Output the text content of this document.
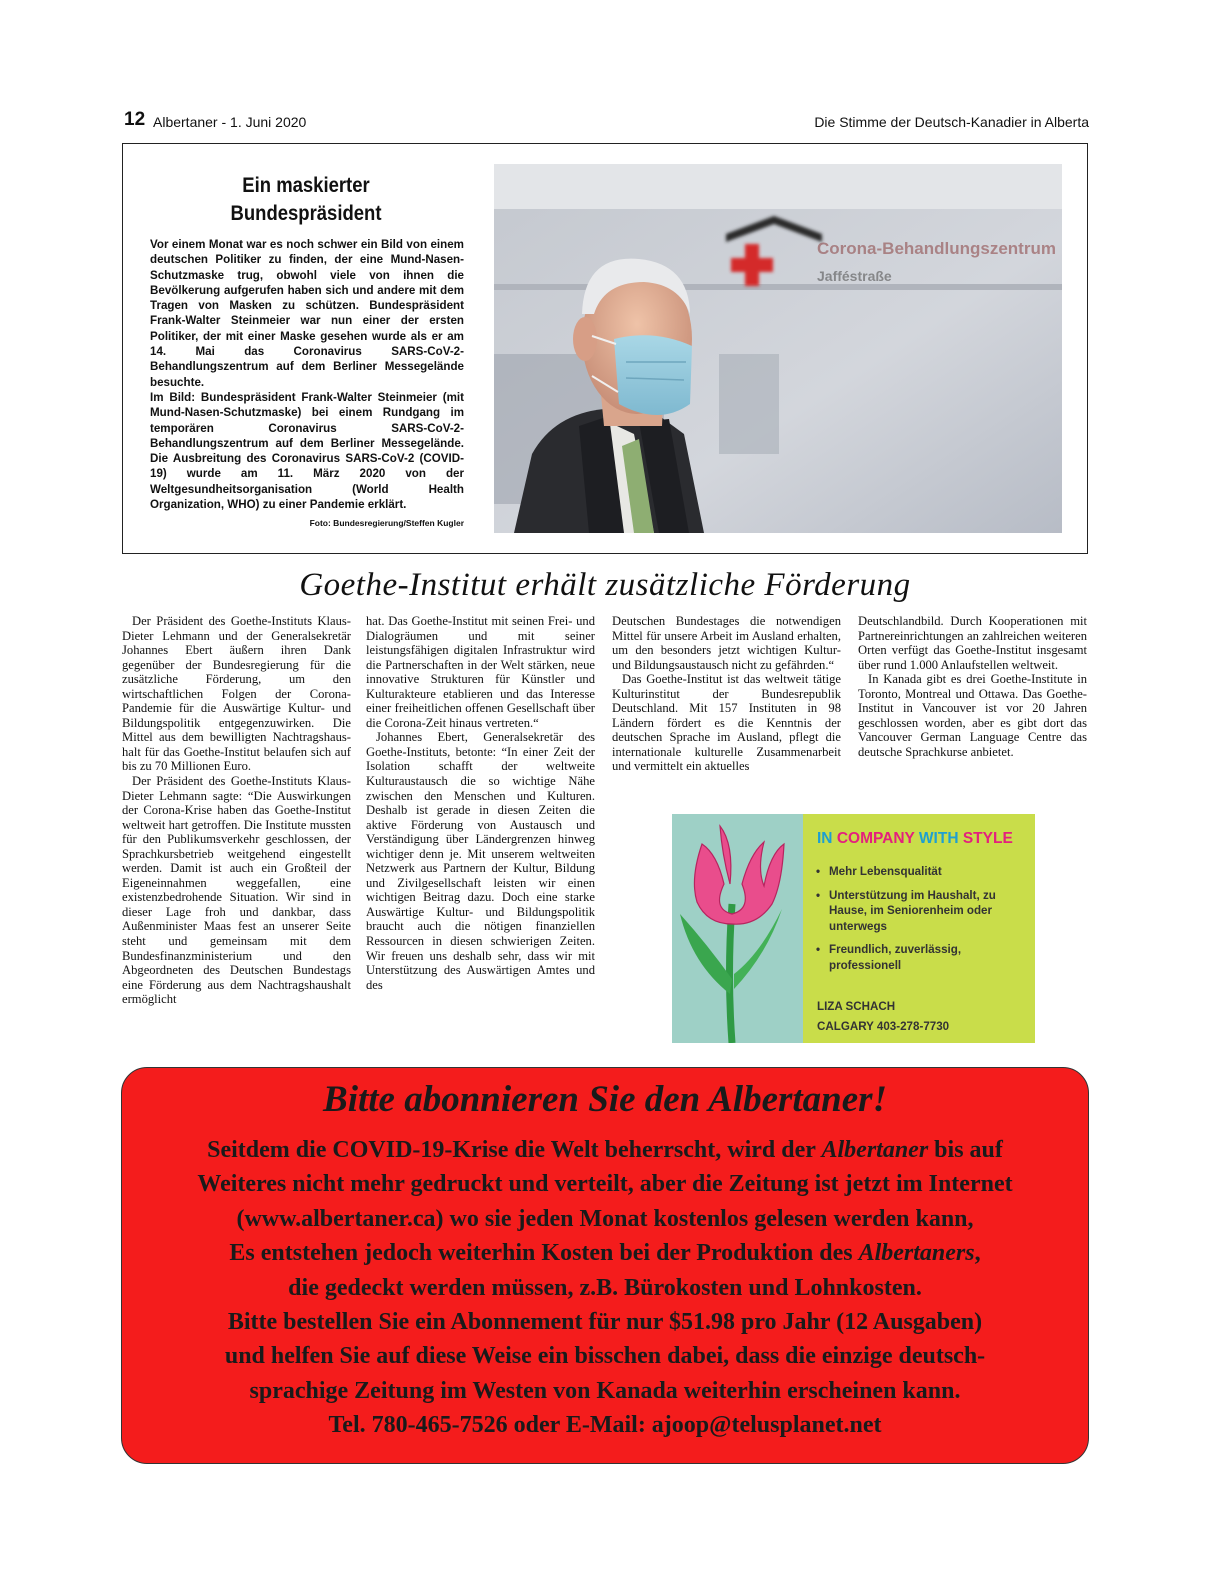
12 Albertaner - 1. Juni 2020	Die Stimme der Deutsch-Kanadier in Alberta
Ein maskierter
Bundespräsident

Vor einem Monat war es noch schwer ein Bild von einem deutschen Politiker zu finden, der eine Mund-Nasen-Schutzmaske trug, obwohl viele von ihnen die Bevölkerung aufgerufen haben sich und andere mit dem Tragen von Masken zu schützen. Bundespräsident Frank-Walter Steinmeier war nun einer der ersten Politiker, der mit einer Maske gesehen wurde als er am 14. Mai das Coronavirus SARS-CoV-2-Behandlungszentrum auf dem Berliner Messegelände besuchte.

Im Bild: Bundespräsident Frank-Walter Steinmeier (mit Mund-Nasen-Schutzmaske) bei einem Rundgang im temporären Coronavirus SARS-CoV-2-Behandlungszentrum auf dem Berliner Messegelände. Die Ausbreitung des Coronavirus SARS-CoV-2 (COVID-19) wurde am 11. März 2020 von der Weltgesundheitsorganisation (World Health Organization, WHO) zu einer Pandemie erklärt.

Foto: Bundesregierung/Steffen Kugler
Corona-Behandlungszentrum
Jafféstraße
Goethe-Institut erhält zusätzliche Förderung

Der Präsident des Goethe-Instituts Klaus-Dieter Lehmann und der Generalsekretär Johannes Ebert äußern ihren Dank gegenüber der Bundesregierung für die zusätzliche Förderung, um den wirtschaftlichen Folgen der Corona-Pandemie für die Auswärtige Kultur- und Bildungspolitik entgegenzuwirken. Die Mittel aus dem bewilligten Nachtragshaushalt für das Goethe-Institut belaufen sich auf bis zu 70 Millionen Euro.

Der Präsident des Goethe-Instituts Klaus-Dieter Lehmann sagte: “Die Auswirkungen der Corona-Krise haben das Goethe-Institut weltweit hart getroffen. Die Institute mussten für den Publikumsverkehr geschlossen, der Sprachkursbetrieb weitgehend eingestellt werden. Damit ist auch ein Großteil der Eigeneinnahmen weggefallen, eine existenzbedrohende Situation. Wir sind in dieser Lage froh und dankbar, dass Außenminister Maas fest an unserer Seite steht und gemeinsam mit dem Bundesfinanzministerium und den Abgeordneten des Deutschen Bundestags eine Förderung aus dem Nachtragshaushalt ermöglicht

hat. Das Goethe-Institut mit seinen Frei- und Dialogräumen und mit seiner leistungsfähigen digitalen Infrastruktur wird die Partnerschaften in der Welt stärken, neue innovative Strukturen für Künstler und Kulturakteure etablieren und das Interesse einer freiheitlichen offenen Gesellschaft über die Corona-Zeit hinaus vertreten.“

Johannes Ebert, Generalsekretär des Goethe-Instituts, betonte: “In einer Zeit der Isolation schafft der weltweite Kulturaustausch die so wichtige Nähe zwischen den Menschen und Kulturen. Deshalb ist gerade in diesen Zeiten die aktive Förderung von Austausch und Verständigung über Ländergrenzen hinweg wichtiger denn je. Mit unserem weltweiten Netzwerk aus Partnern der Kultur, Bildung und Zivilgesellschaft leisten wir einen wichtigen Beitrag dazu. Doch eine starke Auswärtige Kultur- und Bildungspolitik braucht auch die nötigen finanziellen Ressourcen in diesen schwierigen Zeiten. Wir freuen uns deshalb sehr, dass wir mit Unterstützung des Auswärtigen Amtes und des

Deutschen Bundestages die notwendigen Mittel für unsere Arbeit im Ausland erhalten, um den besonders jetzt wichtigen Kultur- und Bildungsaustausch nicht zu gefährden.“

Das Goethe-Institut ist das weltweit tätige Kulturinstitut der Bundesrepublik Deutschland. Mit 157 Instituten in 98 Ländern fördert es die Kenntnis der deutschen Sprache im Ausland, pflegt die internationale kulturelle Zusammenarbeit und vermittelt ein aktuelles

Deutschlandbild. Durch Kooperationen mit Partnereinrichtungen an zahlreichen weiteren Orten verfügt das Goethe-Institut insgesamt über rund 1.000 Anlaufstellen weltweit.

In Kanada gibt es drei Goethe-Institute in Toronto, Montreal und Ottawa. Das Goethe-Institut in Vancouver ist vor 20 Jahren geschlossen worden, aber es gibt dort das Vancouver German Language Centre das deutsche Sprachkurse anbietet.

IN COMPANY WITH STYLE
• Mehr Lebensqualität
• Unterstützung im Haushalt, zu Hause, im Seniorenheim oder unterwegs
• Freundlich, zuverlässig, professionell
LIZA SCHACH
CALGARY 403-278-7730
Bitte abonnieren Sie den Albertaner!
Seitdem die COVID-19-Krise die Welt beherrscht, wird der Albertaner bis auf
Weiteres nicht mehr gedruckt und verteilt, aber die Zeitung ist jetzt im Internet
(www.albertaner.ca) wo sie jeden Monat kostenlos gelesen werden kann,
Es entstehen jedoch weiterhin Kosten bei der Produktion des Albertaners,
die gedeckt werden müssen, z.B. Bürokosten und Lohnkosten.
Bitte bestellen Sie ein Abonnement für nur $51.98 pro Jahr (12 Ausgaben)
und helfen Sie auf diese Weise ein bisschen dabei, dass die einzige deutsch-
sprachige Zeitung im Westen von Kanada weiterhin erscheinen kann.
Tel. 780-465-7526 oder E-Mail: ajoop@telusplanet.net
